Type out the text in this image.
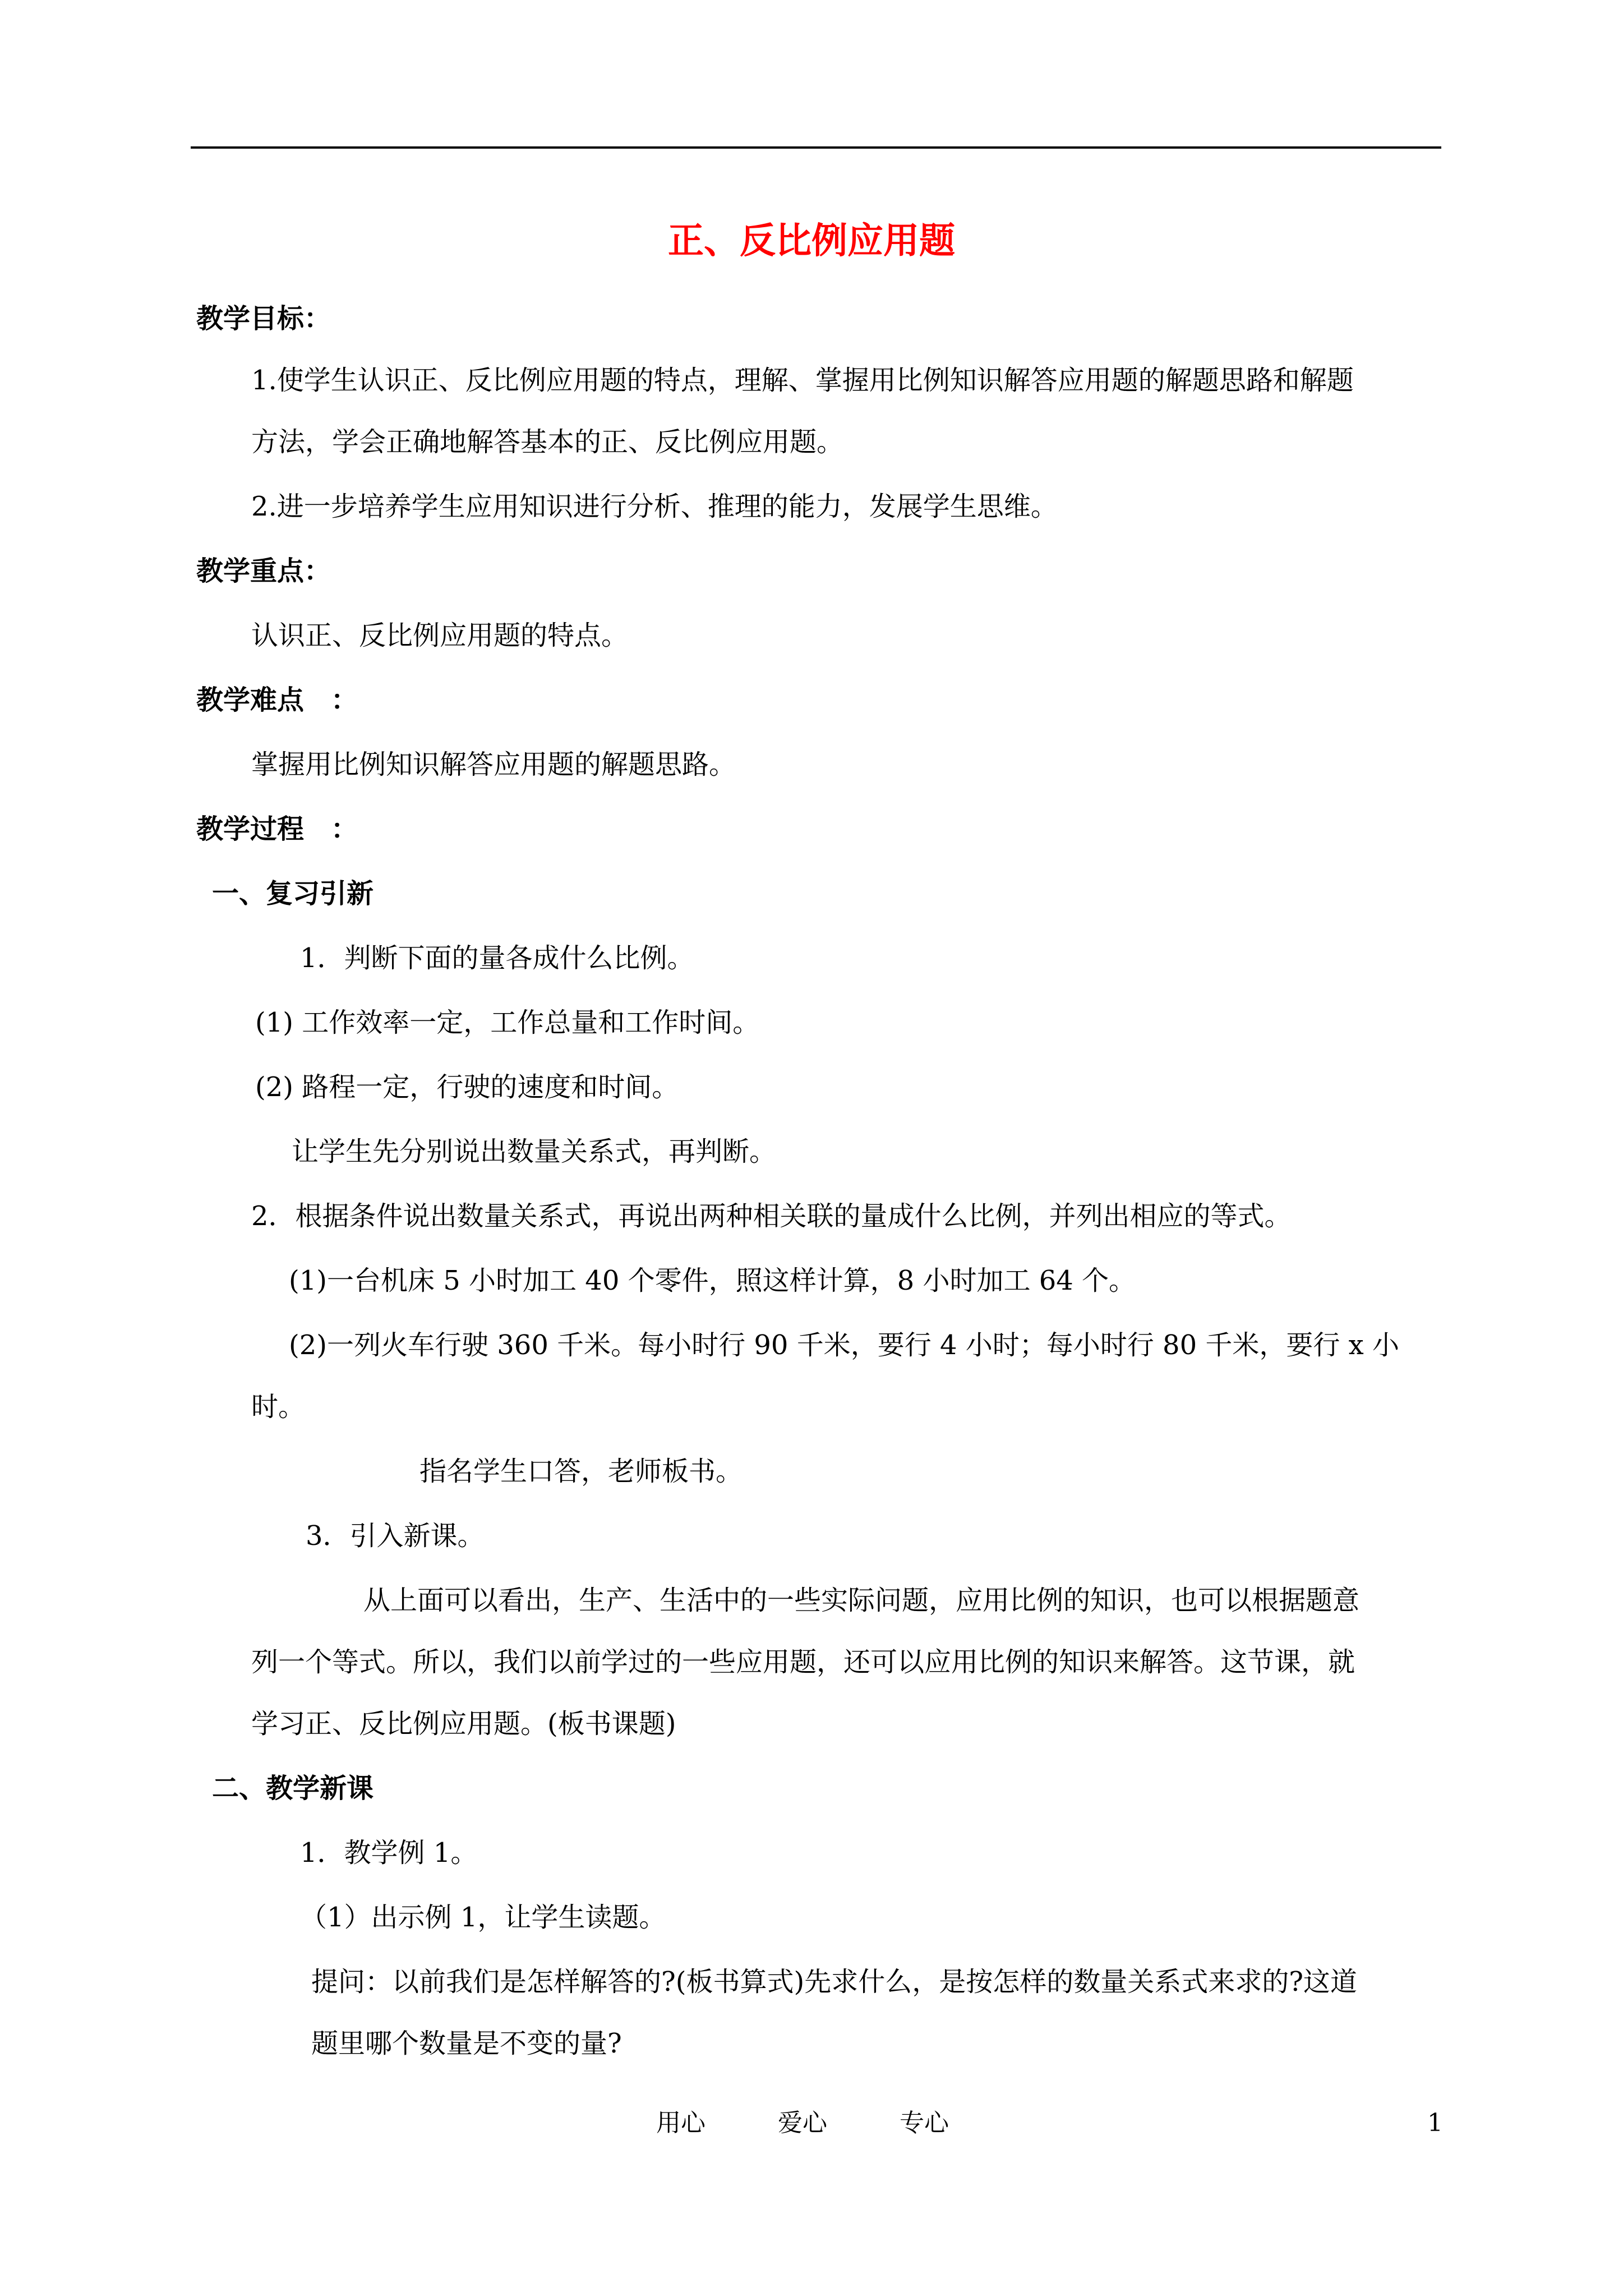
正、反比例应用题
教学目标：
1.使学生认识正、反比例应用题的特点，理解、掌握用比例知识解答应用题的解题思路和解题
方法，学会正确地解答基本的正、反比例应用题。
2.进一步培养学生应用知识进行分析、推理的能力，发展学生思维。
教学重点：
认识正、反比例应用题的特点。
教学难点　：
掌握用比例知识解答应用题的解题思路。
教学过程　：
一、复习引新
1．判断下面的量各成什么比例。
(1) 工作效率一定，工作总量和工作时间。
(2) 路程一定，行驶的速度和时间。
让学生先分别说出数量关系式，再判断。
2．根据条件说出数量关系式，再说出两种相关联的量成什么比例，并列出相应的等式。
(1)一台机床 5 小时加工 40 个零件，照这样计算，8 小时加工 64 个。
(2)一列火车行驶 360 千米。每小时行 90 千米，要行 4 小时；每小时行 80 千米，要行 x 小
时。
指名学生口答，老师板书。
3．引入新课。
从上面可以看出，生产、生活中的一些实际问题，应用比例的知识，也可以根据题意
列一个等式。所以，我们以前学过的一些应用题，还可以应用比例的知识来解答。这节课，就
学习正、反比例应用题。(板书课题)
二、教学新课
1．教学例 1。
（1）出示例 1，让学生读题。
提问：以前我们是怎样解答的?(板书算式)先求什么，是按怎样的数量关系式来求的?这道
题里哪个数量是不变的量?
用心	爱心	专心	1
